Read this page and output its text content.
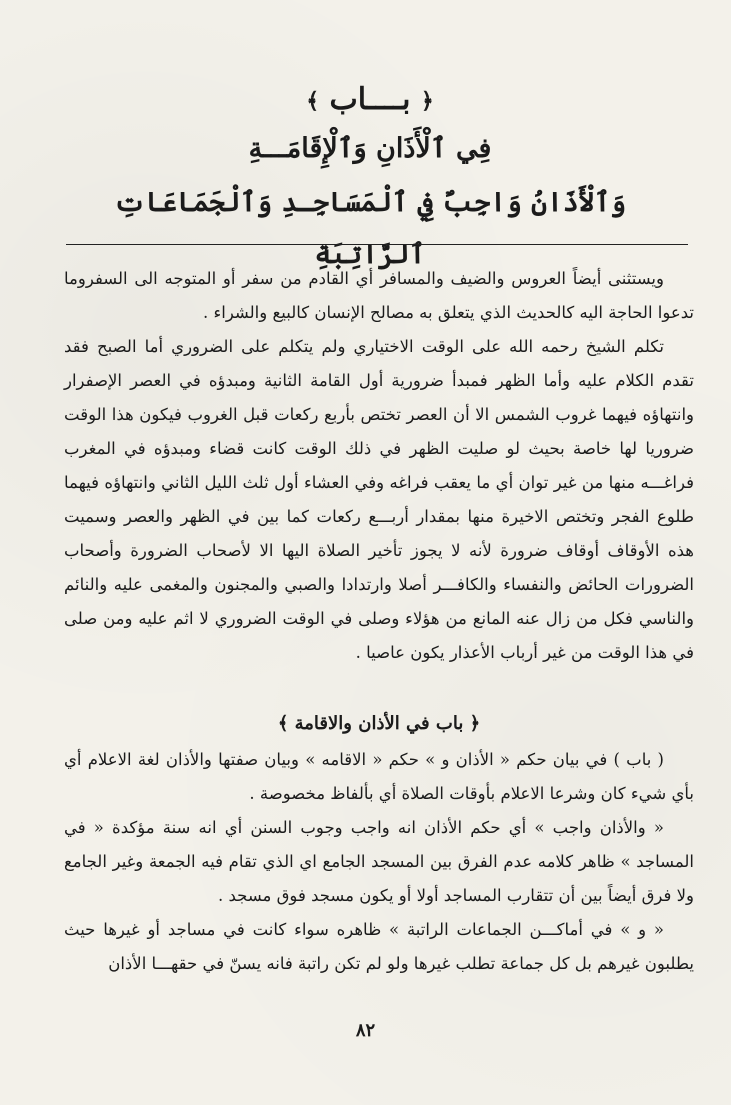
﴿ بــــاب ﴾
فِي ٱلْأَذَانِ وَٱلْإِقَامَـــةِ
وَٱلْأَذَانُ وَاجِبٌ فِي ٱلْمَسَاجِـدِ وَٱلْجَمَاعَاتِ ٱلرَّاتِبَةِ

ويستثنى أيضاً العروس والضيف والمسافر أي القادم من سفر أو المتوجه الى السفروما تدعوا الحاجة اليه كالحديث الذي يتعلق به مصالح الإنسان كالبيع والشراء .

تكلم الشيخ رحمه الله على الوقت الاختياري ولم يتكلم على الضروري أما الصبح فقد تقدم الكلام عليه وأما الظهر فمبدأ ضرورية أول القامة الثانية ومبدؤه في العصر الإصفرار وانتهاؤه فيهما غروب الشمس الا أن العصر تختص بأربع ركعات قبل الغروب فيكون هذا الوقت ضروريا لها خاصة بحيث لو صليت الظهر في ذلك الوقت كانت قضاء ومبدؤه في المغرب فراغـــه منها من غير توان أي ما يعقب فراغه وفي العشاء أول ثلث الليل الثاني وانتهاؤه فيهما طلوع الفجر وتختص الاخيرة منها بمقدار أربـــع ركعات كما بين في الظهر والعصر وسميت هذه الأوقاف أوقاف ضرورة لأنه لا يجوز تأخير الصلاة اليها الا لأصحاب الضرورة وأصحاب الضرورات الحائض والنفساء والكافـــر أصلا وارتدادا والصبي والمجنون والمغمى عليه والنائم والناسي فكل من زال عنه المانع من هؤلاء وصلى في الوقت الضروري لا اثم عليه ومن صلى في هذا الوقت من غير أرباب الأعذار يكون عاصيا .

﴿ باب في الأذان والاقامة ﴾

( باب ) في بيان حكم « الأذان و » حكم « الاقامه » وبيان صفتها والأذان لغة الاعلام أي بأي شيء كان وشرعا الاعلام بأوقات الصلاة أي بألفاظ مخصوصة .

« والأذان واجب » أي حكم الأذان انه واجب وجوب السنن أي انه سنة مؤكدة « في المساجد » ظاهر كلامه عدم الفرق بين المسجد الجامع اي الذي تقام فيه الجمعة وغير الجامع ولا فرق أيضاً بين أن تتقارب المساجد أولا أو يكون مسجد فوق مسجد .

« و » في أماكـــن الجماعات الراتبة » ظاهره سواء كانت في مساجد أو غيرها حيث يطلبون غيرهم بل كل جماعة تطلب غيرها ولو لم تكن راتبة فانه يسنّ في حقهـــا الأذان

٨٢
